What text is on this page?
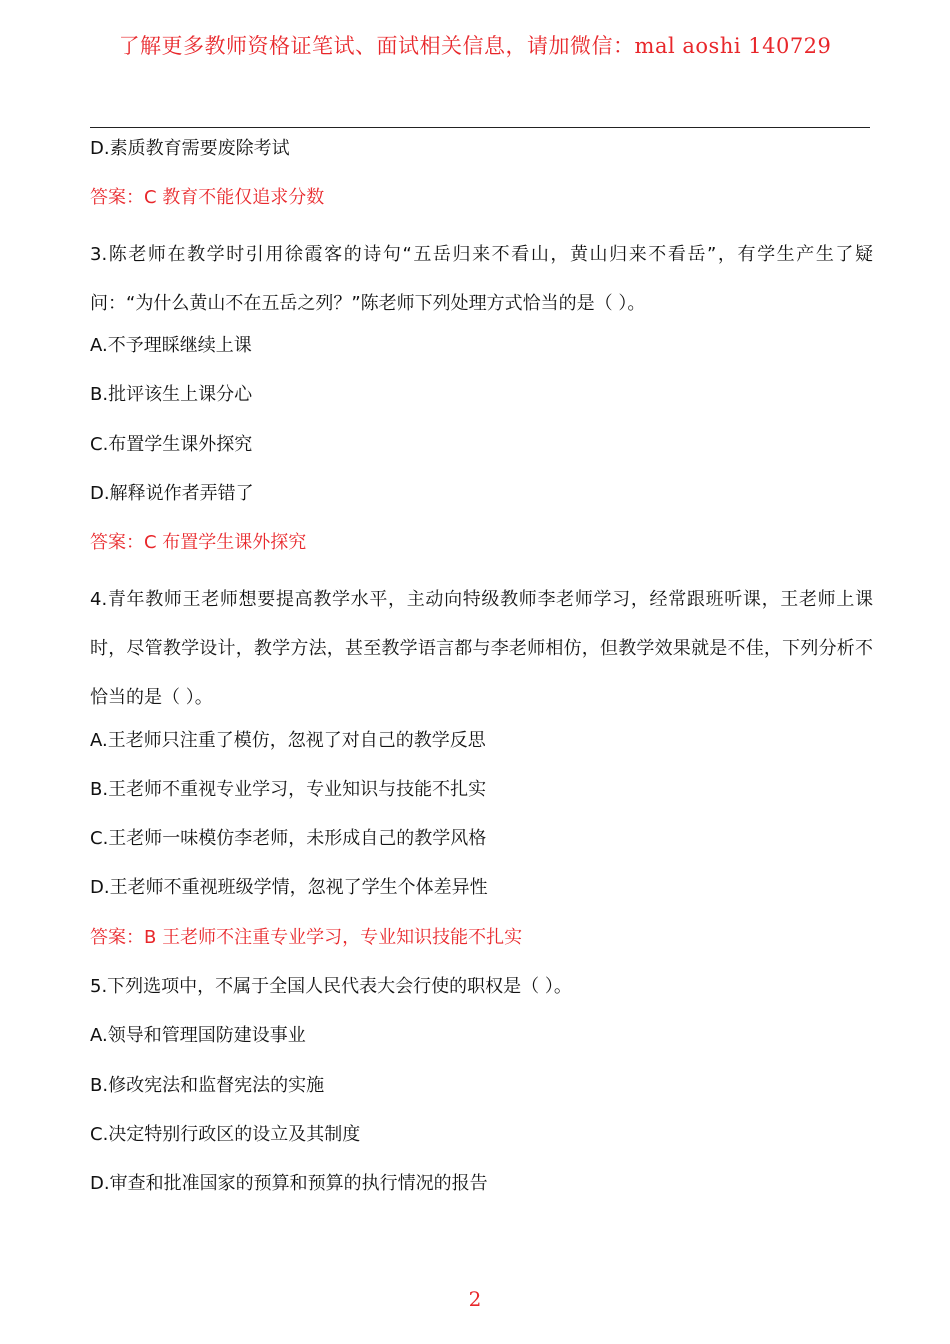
了解更多教师资格证笔试、面试相关信息，请加微信：mal aoshi 140729
D.素质教育需要废除考试
答案：C 教育不能仅追求分数
3.陈老师在教学时引用徐霞客的诗句“五岳归来不看山，黄山归来不看岳”，有学生产生了疑问：“为什么黄山不在五岳之列？”陈老师下列处理方式恰当的是（ ）。
A.不予理睬继续上课
B.批评该生上课分心
C.布置学生课外探究
D.解释说作者弄错了
答案：C 布置学生课外探究
4.青年教师王老师想要提高教学水平，主动向特级教师李老师学习，经常跟班听课，王老师上课时，尽管教学设计，教学方法，甚至教学语言都与李老师相仿，但教学效果就是不佳，下列分析不恰当的是（ ）。
A.王老师只注重了模仿，忽视了对自己的教学反思
B.王老师不重视专业学习，专业知识与技能不扎实
C.王老师一味模仿李老师，未形成自己的教学风格
D.王老师不重视班级学情，忽视了学生个体差异性
答案：B 王老师不注重专业学习，专业知识技能不扎实
5.下列选项中，不属于全国人民代表大会行使的职权是（ ）。
A.领导和管理国防建设事业
B.修改宪法和监督宪法的实施
C.决定特别行政区的设立及其制度
D.审查和批准国家的预算和预算的执行情况的报告
2
